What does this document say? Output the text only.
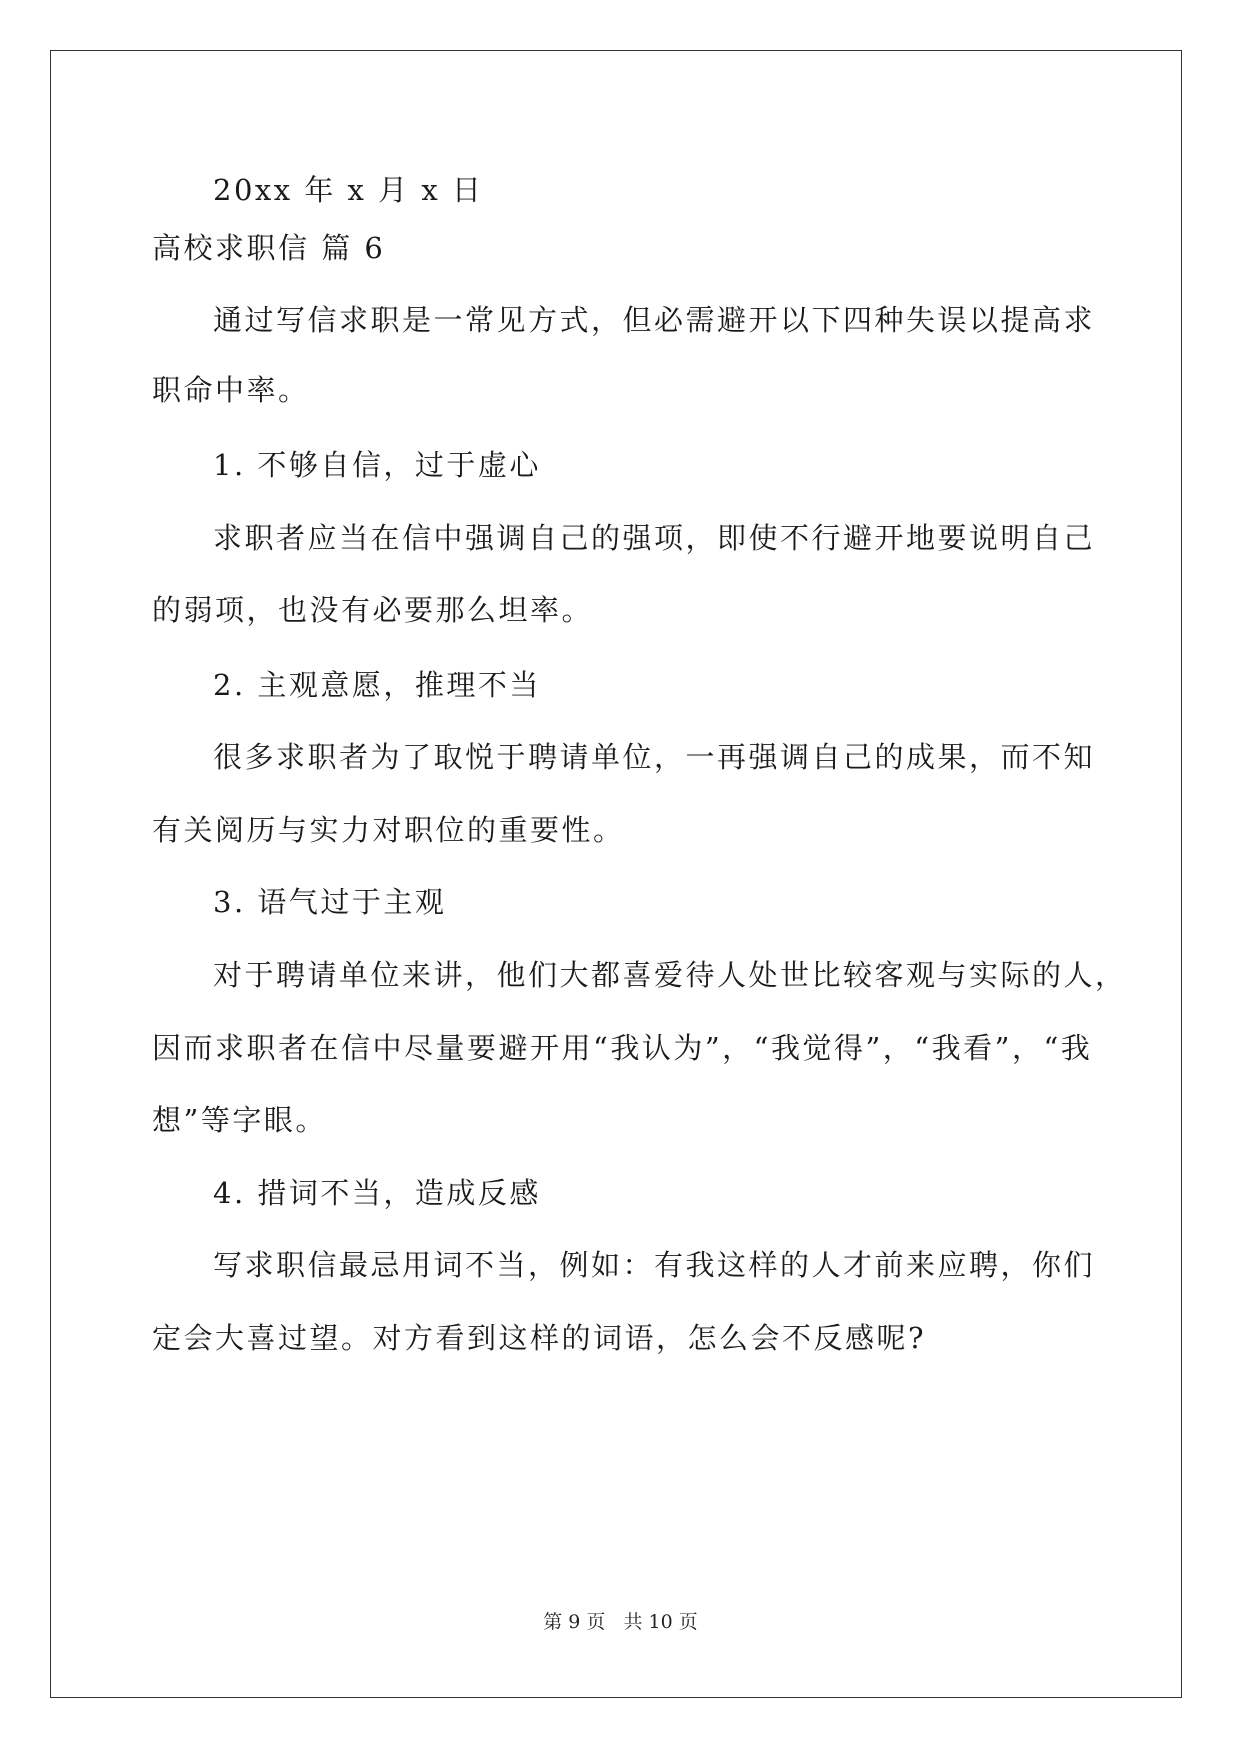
20xx 年 x 月 x 日
高校求职信 篇 6
通过写信求职是一常见方式，但必需避开以下四种失误以提高求
职命中率。
1. 不够自信，过于虚心
求职者应当在信中强调自己的强项，即使不行避开地要说明自己
的弱项，也没有必要那么坦率。
2. 主观意愿，推理不当
很多求职者为了取悦于聘请单位，一再强调自己的成果，而不知
有关阅历与实力对职位的重要性。
3. 语气过于主观
对于聘请单位来讲，他们大都喜爱待人处世比较客观与实际的人，
因而求职者在信中尽量要避开用“我认为”，“我觉得”，“我看”，“我
想”等字眼。
4. 措词不当，造成反感
写求职信最忌用词不当，例如：有我这样的人才前来应聘，你们
定会大喜过望。对方看到这样的词语，怎么会不反感呢?
第 9 页 共 10 页
